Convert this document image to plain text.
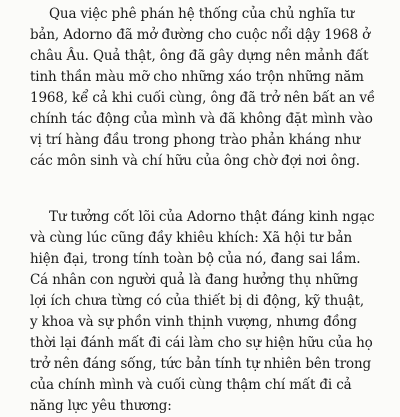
Qua việc phê phán hệ thống của chủ nghĩa tư
bản, Adorno đã mở đường cho cuộc nổi dậy 1968 ở
châu Âu. Quả thật, ông đã gây dựng nên mảnh đất
tinh thần màu mỡ cho những xáo trộn những năm
1968, kể cả khi cuối cùng, ông đã trở nên bất an về
chính tác động của mình và đã không đặt mình vào
vị trí hàng đầu trong phong trào phản kháng như
các môn sinh và chí hữu của ông chờ đợi nơi ông.
Tư tưởng cốt lõi của Adorno thật đáng kinh ngạc
và cùng lúc cũng đầy khiêu khích: Xã hội tư bản
hiện đại, trong tính toàn bộ của nó, đang sai lầm.
Cá nhân con người quả là đang hưởng thụ những
lợi ích chưa từng có của thiết bị di động, kỹ thuật,
y khoa và sự phồn vinh thịnh vượng, nhưng đồng
thời lại đánh mất đi cái làm cho sự hiện hữu của họ
trở nên đáng sống, tức bản tính tự nhiên bên trong
của chính mình và cuối cùng thậm chí mất đi cả
năng lực yêu thương:
